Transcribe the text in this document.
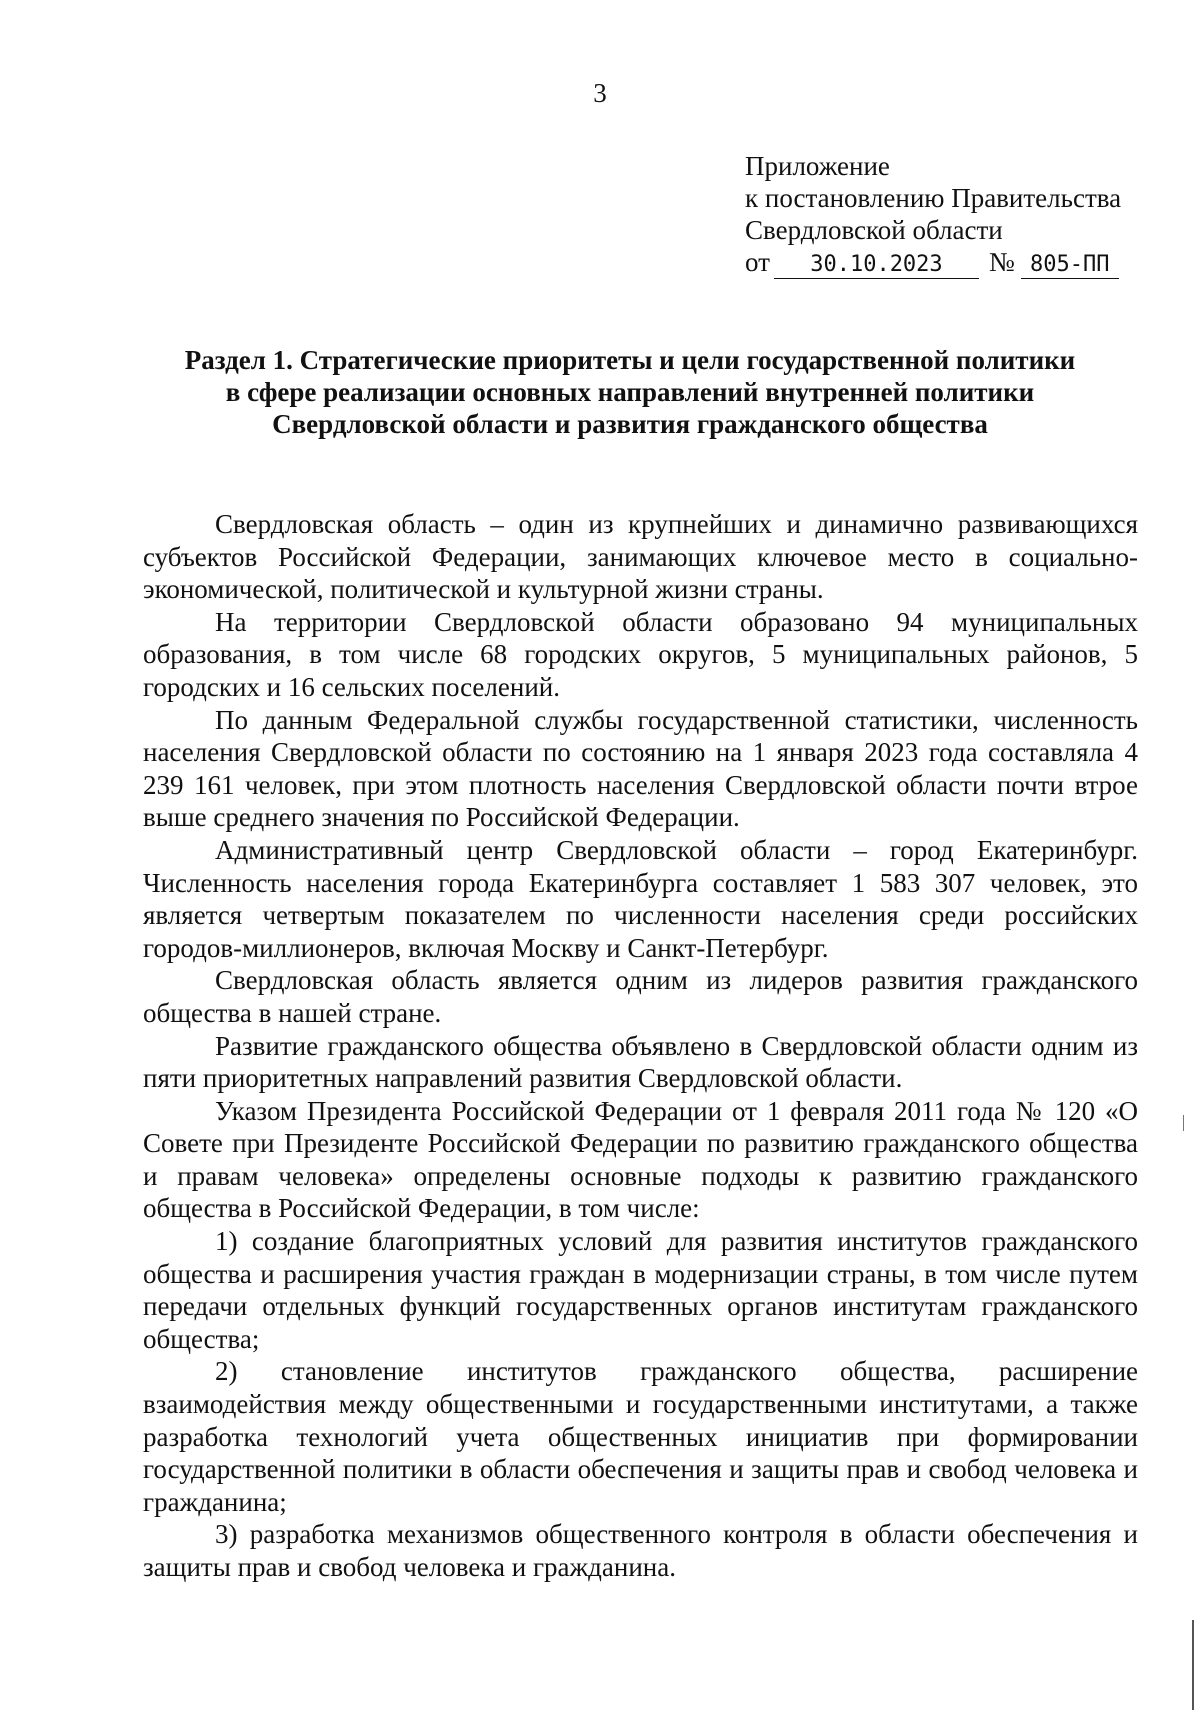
3
Приложение
к постановлению Правительства
Свердловской области
от 30.10.2023 № 805-ПП
Раздел 1. Стратегические приоритеты и цели государственной политики
в сфере реализации основных направлений внутренней политики
Свердловской области и развития гражданского общества

Свердловская область – один из крупнейших и динамично развивающихся субъектов Российской Федерации, занимающих ключевое место в социально-экономической, политической и культурной жизни страны.

На территории Свердловской области образовано 94 муниципальных образования, в том числе 68 городских округов, 5 муниципальных районов, 5 городских и 16 сельских поселений.

По данным Федеральной службы государственной статистики, численность населения Свердловской области по состоянию на 1 января 2023 года составляла 4 239 161 человек, при этом плотность населения Свердловской области почти втрое выше среднего значения по Российской Федерации.

Административный центр Свердловской области – город Екатеринбург. Численность населения города Екатеринбурга составляет 1 583 307 человек, это является четвертым показателем по численности населения среди российских городов-миллионеров, включая Москву и Санкт-Петербург.

Свердловская область является одним из лидеров развития гражданского общества в нашей стране.

Развитие гражданского общества объявлено в Свердловской области одним из пяти приоритетных направлений развития Свердловской области.

Указом Президента Российской Федерации от 1 февраля 2011 года № 120 «О Совете при Президенте Российской Федерации по развитию гражданского общества и правам человека» определены основные подходы к развитию гражданского общества в Российской Федерации, в том числе:

1) создание благоприятных условий для развития институтов гражданского общества и расширения участия граждан в модернизации страны, в том числе путем передачи отдельных функций государственных органов институтам гражданского общества;

2) становление институтов гражданского общества, расширение взаимодействия между общественными и государственными институтами, а также разработка технологий учета общественных инициатив при формировании государственной политики в области обеспечения и защиты прав и свобод человека и гражданина;

3) разработка механизмов общественного контроля в области обеспечения и защиты прав и свобод человека и гражданина.
